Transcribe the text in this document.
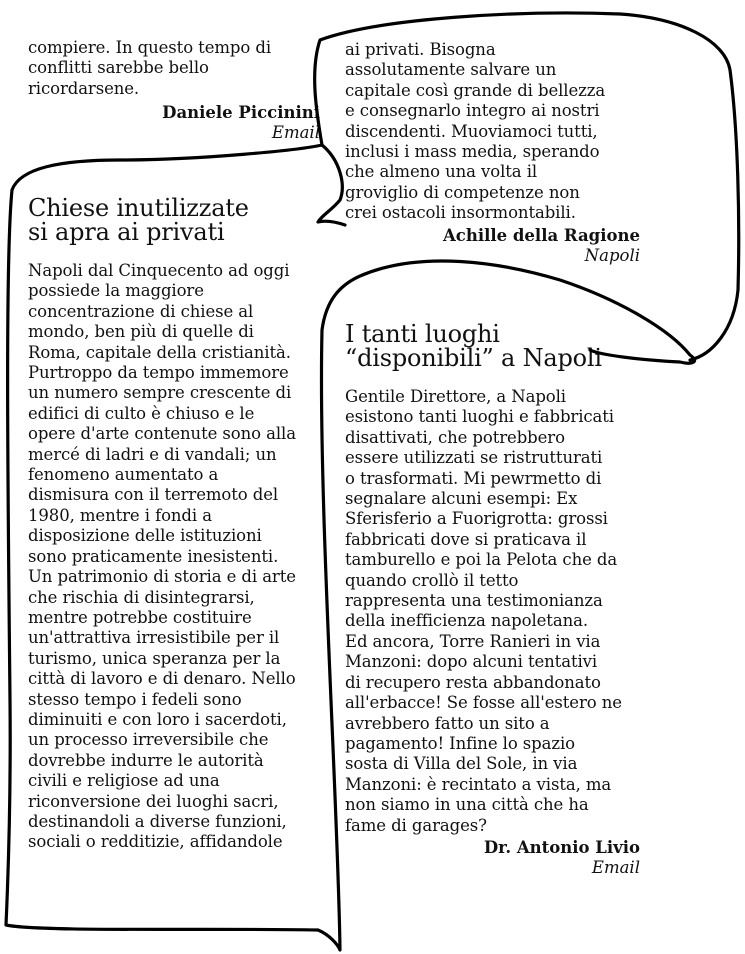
compiere. In questo tempo di
conflitti sarebbe bello
ricordarsene.
Daniele Piccinini
Email
Chiese inutilizzate
si apra ai privati
Napoli dal Cinquecento ad oggi
possiede la maggiore
concentrazione di chiese al
mondo, ben più di quelle di
Roma, capitale della cristianità.
Purtroppo da tempo immemore
un numero sempre crescente di
edifici di culto è chiuso e le
opere d'arte contenute sono alla
mercé di ladri e di vandali; un
fenomeno aumentato a
dismisura con il terremoto del
1980, mentre i fondi a
disposizione delle istituzioni
sono praticamente inesistenti.
Un patrimonio di storia e di arte
che rischia di disintegrarsi,
mentre potrebbe costituire
un'attrattiva irresistibile per il
turismo, unica speranza per la
città di lavoro e di denaro. Nello
stesso tempo i fedeli sono
diminuiti e con loro i sacerdoti,
un processo irreversibile che
dovrebbe indurre le autorità
civili e religiose ad una
riconversione dei luoghi sacri,
destinandoli a diverse funzioni,
sociali o redditizie, affidandole
ai privati. Bisogna
assolutamente salvare un
capitale così grande di bellezza
e consegnarlo integro ai nostri
discendenti. Muoviamoci tutti,
inclusi i mass media, sperando
che almeno una volta il
groviglio di competenze non
crei ostacoli insormontabili.
Achille della Ragione
Napoli
I tanti luoghi
“disponibili” a Napoli
Gentile Direttore, a Napoli
esistono tanti luoghi e fabbricati
disattivati, che potrebbero
essere utilizzati se ristrutturati
o trasformati. Mi pewrmetto di
segnalare alcuni esempi: Ex
Sferisferio a Fuorigrotta: grossi
fabbricati dove si praticava il
tamburello e poi la Pelota che da
quando crollò il tetto
rappresenta una testimonianza
della inefficienza napoletana.
Ed ancora, Torre Ranieri in via
Manzoni: dopo alcuni tentativi
di recupero resta abbandonato
all'erbacce! Se fosse all'estero ne
avrebbero fatto un sito a
pagamento! Infine lo spazio
sosta di Villa del Sole, in via
Manzoni: è recintato a vista, ma
non siamo in una città che ha
fame di garages?
Dr. Antonio Livio
Email
